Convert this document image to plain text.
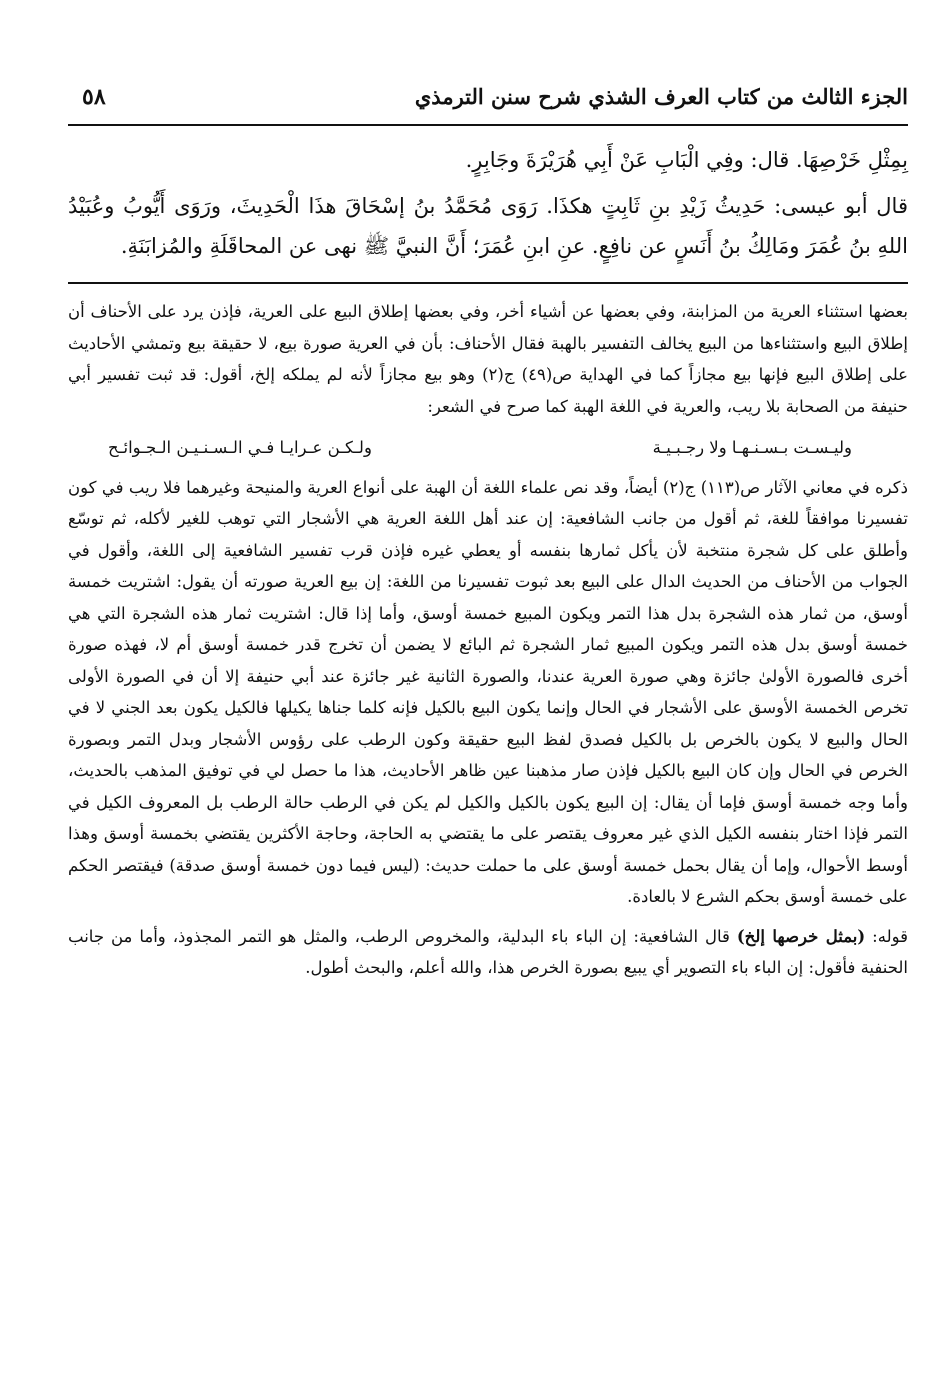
الجزء الثالث من كتاب العرف الشذي شرح سنن الترمذي
٥٨

بِمِثْلِ خَرْصِهَا. قال: وفِي الْبَابِ عَنْ أَبِي هُرَيْرَةَ وجَابِرٍ.

قال أبو عيسى: حَدِيثُ زَيْدِ بنِ ثَابِتٍ هكذَا. رَوَى مُحَمَّدُ بنُ إسْحَاقَ هذَا الْحَدِيثَ، ورَوَى أَيُّوبُ وعُبَيْدُ اللهِ بنُ عُمَرَ ومَالِكُ بنُ أَنَسٍ عن نافِعٍ. عنِ ابنِ عُمَرَ؛ أَنَّ النبيَّ ﷺ نهى عن المحاقَلَةِ والمُزابَنَةِ.

بعضها استثناء العرية من المزابنة، وفي بعضها عن أشياء أخر، وفي بعضها إطلاق البيع على العرية، فإذن يرد على الأحناف أن إطلاق البيع واستثناءها من البيع يخالف التفسير بالهبة فقال الأحناف: بأن في العرية صورة بيع، لا حقيقة بيع وتمشي الأحاديث على إطلاق البيع فإنها بيع مجازاً كما في الهداية ص(٤٩) ج(٢) وهو بيع مجازاً لأنه لم يملكه إلخ، أقول: قد ثبت تفسير أبي حنيفة من الصحابة بلا ريب، والعرية في اللغة الهبة كما صرح في الشعر:

وليـسـت بـسـنـهـا ولا رجـبـيـة
ولـكـن عـرايـا فـي الـسـنـيـن الـجـوائـح

ذكره في معاني الآثار ص(١١٣) ج(٢) أيضاً، وقد نص علماء اللغة أن الهبة على أنواع العرية والمنيحة وغيرهما فلا ريب في كون تفسيرنا موافقاً للغة، ثم أقول من جانب الشافعية: إن عند أهل اللغة العرية هي الأشجار التي توهب للغير لأكله، ثم توسّع وأطلق على كل شجرة منتخبة لأن يأكل ثمارها بنفسه أو يعطي غيره فإذن قرب تفسير الشافعية إلى اللغة، وأقول في الجواب من الأحناف من الحديث الدال على البيع بعد ثبوت تفسيرنا من اللغة: إن بيع العرية صورته أن يقول: اشتريت خمسة أوسق، من ثمار هذه الشجرة بدل هذا التمر ويكون المبيع خمسة أوسق، وأما إذا قال: اشتريت ثمار هذه الشجرة التي هي خمسة أوسق بدل هذه التمر ويكون المبيع ثمار الشجرة ثم البائع لا يضمن أن تخرج قدر خمسة أوسق أم لا، فهذه صورة أخرى فالصورة الأولىٰ جائزة وهي صورة العرية عندنا، والصورة الثانية غير جائزة عند أبي حنيفة إلا أن في الصورة الأولى تخرص الخمسة الأوسق على الأشجار في الحال وإنما يكون البيع بالكيل فإنه كلما جناها يكيلها فالكيل يكون بعد الجني لا في الحال والبيع لا يكون بالخرص بل بالكيل فصدق لفظ البيع حقيقة وكون الرطب على رؤوس الأشجار وبدل التمر وبصورة الخرص في الحال وإن كان البيع بالكيل فإذن صار مذهبنا عين ظاهر الأحاديث، هذا ما حصل لي في توفيق المذهب بالحديث، وأما وجه خمسة أوسق فإما أن يقال: إن البيع يكون بالكيل والكيل لم يكن في الرطب حالة الرطب بل المعروف الكيل في التمر فإذا اختار بنفسه الكيل الذي غير معروف يقتصر على ما يقتضي به الحاجة، وحاجة الأكثرين يقتضي بخمسة أوسق وهذا أوسط الأحوال، وإما أن يقال بحمل خمسة أوسق على ما حملت حديث: (ليس فيما دون خمسة أوسق صدقة) فيقتصر الحكم على خمسة أوسق بحكم الشرع لا بالعادة.

قوله: (بمثل خرصها إلخ) قال الشافعية: إن الباء باء البدلية، والمخروص الرطب، والمثل هو التمر المجذوذ، وأما من جانب الحنفية فأقول: إن الباء باء التصوير أي يبيع بصورة الخرص هذا، والله أعلم، والبحث أطول.
